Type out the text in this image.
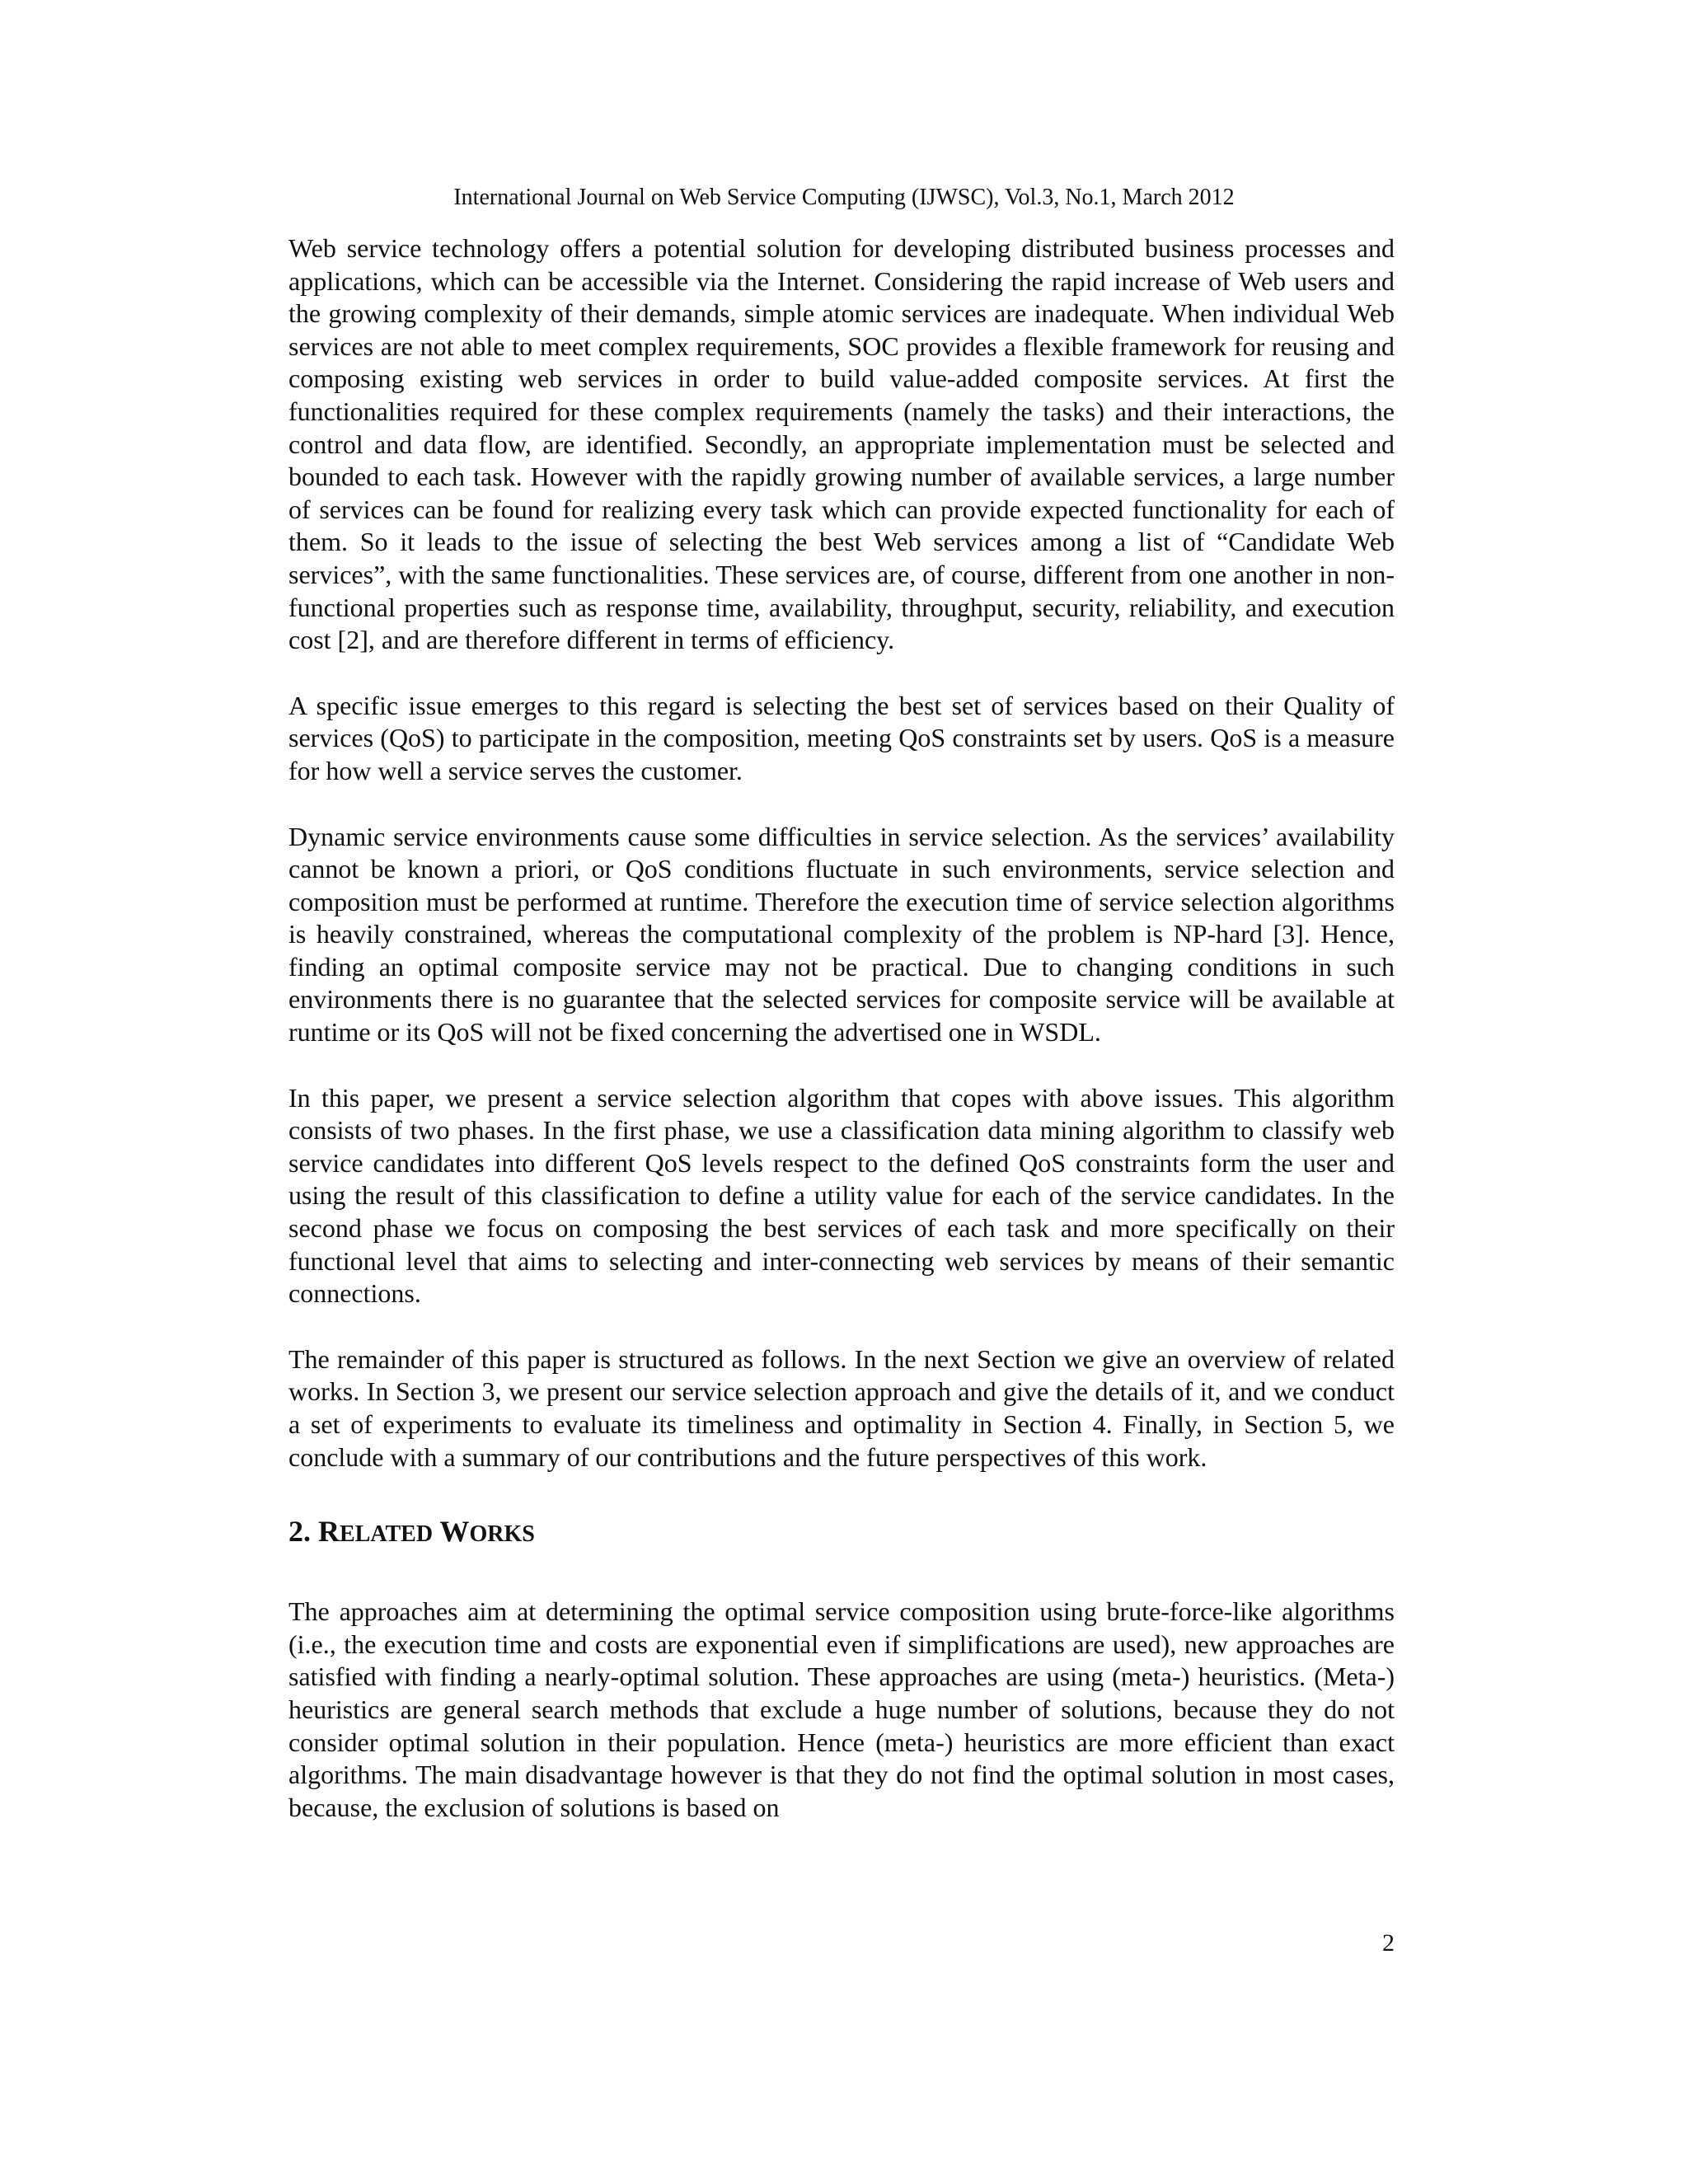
International Journal on Web Service Computing (IJWSC), Vol.3, No.1, March 2012

Web service technology offers a potential solution for developing distributed business processes and applications, which can be accessible via the Internet. Considering the rapid increase of Web users and the growing complexity of their demands, simple atomic services are inadequate. When individual Web services are not able to meet complex requirements, SOC provides a flexible framework for reusing and composing existing web services in order to build value-added composite services. At first the functionalities required for these complex requirements (namely the tasks) and their interactions, the control and data flow, are identified. Secondly, an appropriate implementation must be selected and bounded to each task. However with the rapidly growing number of available services, a large number of services can be found for realizing every task which can provide expected functionality for each of them. So it leads to the issue of selecting the best Web services among a list of “Candidate Web services”, with the same functionalities. These services are, of course, different from one another in non-functional properties such as response time, availability, throughput, security, reliability, and execution cost [2], and are therefore different in terms of efficiency.

A specific issue emerges to this regard is selecting the best set of services based on their Quality of services (QoS) to participate in the composition, meeting QoS constraints set by users. QoS is a measure for how well a service serves the customer.

Dynamic service environments cause some difficulties in service selection. As the services’ availability cannot be known a priori, or QoS conditions fluctuate in such environments, service selection and composition must be performed at runtime. Therefore the execution time of service selection algorithms is heavily constrained, whereas the computational complexity of the problem is NP-hard [3]. Hence, finding an optimal composite service may not be practical. Due to changing conditions in such environments there is no guarantee that the selected services for composite service will be available at runtime or its QoS will not be fixed concerning the advertised one in WSDL.

In this paper, we present a service selection algorithm that copes with above issues. This algorithm consists of two phases. In the first phase, we use a classification data mining algorithm to classify web service candidates into different QoS levels respect to the defined QoS constraints form the user and using the result of this classification to define a utility value for each of the service candidates. In the second phase we focus on composing the best services of each task and more specifically on their functional level that aims to selecting and inter-connecting web services by means of their semantic connections.

The remainder of this paper is structured as follows. In the next Section we give an overview of related works. In Section 3, we present our service selection approach and give the details of it, and we conduct a set of experiments to evaluate its timeliness and optimality in Section 4. Finally, in Section 5, we conclude with a summary of our contributions and the future perspectives of this work.

2. RELATED WORKS

The approaches aim at determining the optimal service composition using brute-force-like algorithms (i.e., the execution time and costs are exponential even if simplifications are used), new approaches are satisfied with finding a nearly-optimal solution. These approaches are using (meta-) heuristics. (Meta-) heuristics are general search methods that exclude a huge number of solutions, because they do not consider optimal solution in their population. Hence (meta-) heuristics are more efficient than exact algorithms. The main disadvantage however is that they do not find the optimal solution in most cases, because, the exclusion of solutions is based on

2
